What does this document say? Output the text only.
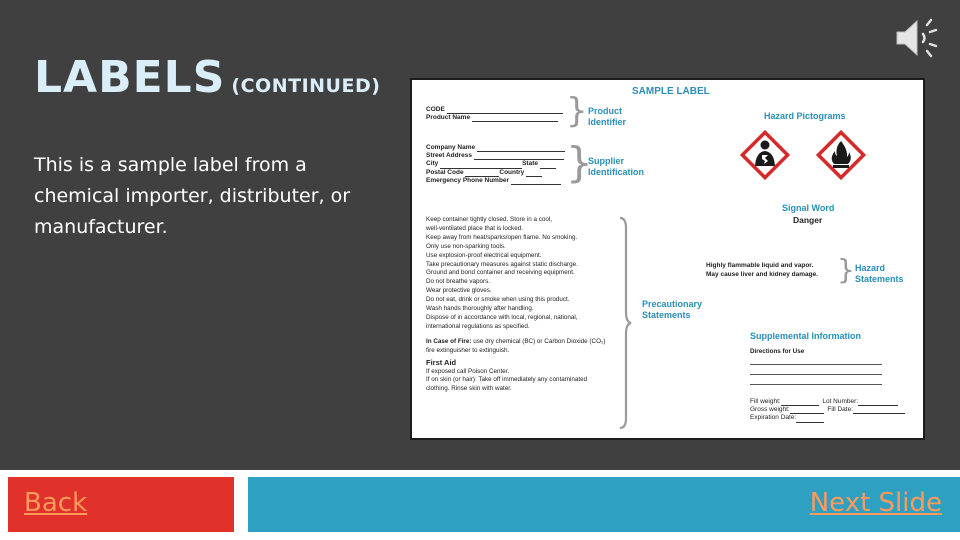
LABELS (CONTINUED)
This is a sample label from a chemical importer, distributer, or manufacturer.
SAMPLE LABEL
CODE
Product Name	} Product
Identifier
Company Name
Street Address
City	State
Postal Code	Country
Emergency Phone Number	}
Supplier
Identification
Hazard Pictograms
Signal Word
Danger
Keep container tightly closed. Store in a cool,
well-ventilated place that is locked.
Keep away from heat/sparks/open flame. No smoking.
Only use non-sparking tools.
Use explosion-proof electrical equipment.
Take precautionary measures against static discharge.
Ground and bond container and receiving equipment.
Do not breathe vapors.
Wear protective gloves.
Do not eat, drink or smoke when using this product.
Wash hands thoroughly after handling.
Dispose of in accordance with local, regional, national,
international regulations as specified.
In Case of Fire: use dry chemical (BC) or Carbon Dioxide (CO₂)
fire extinguisher to extinguish.
First Aid
If exposed call Poison Center.
If on skin (or hair): Take off immediately any contaminated
clothing. Rinse skin with water.
Precautionary
Statements
Highly flammable liquid and vapor.
May cause liver and kidney damage. } Hazard
Statements
Supplemental Information
Directions for Use
Fill weight:	Lot Number:
Gross weight:	Fill Date:
Expiration Date:
Back	Next Slide
